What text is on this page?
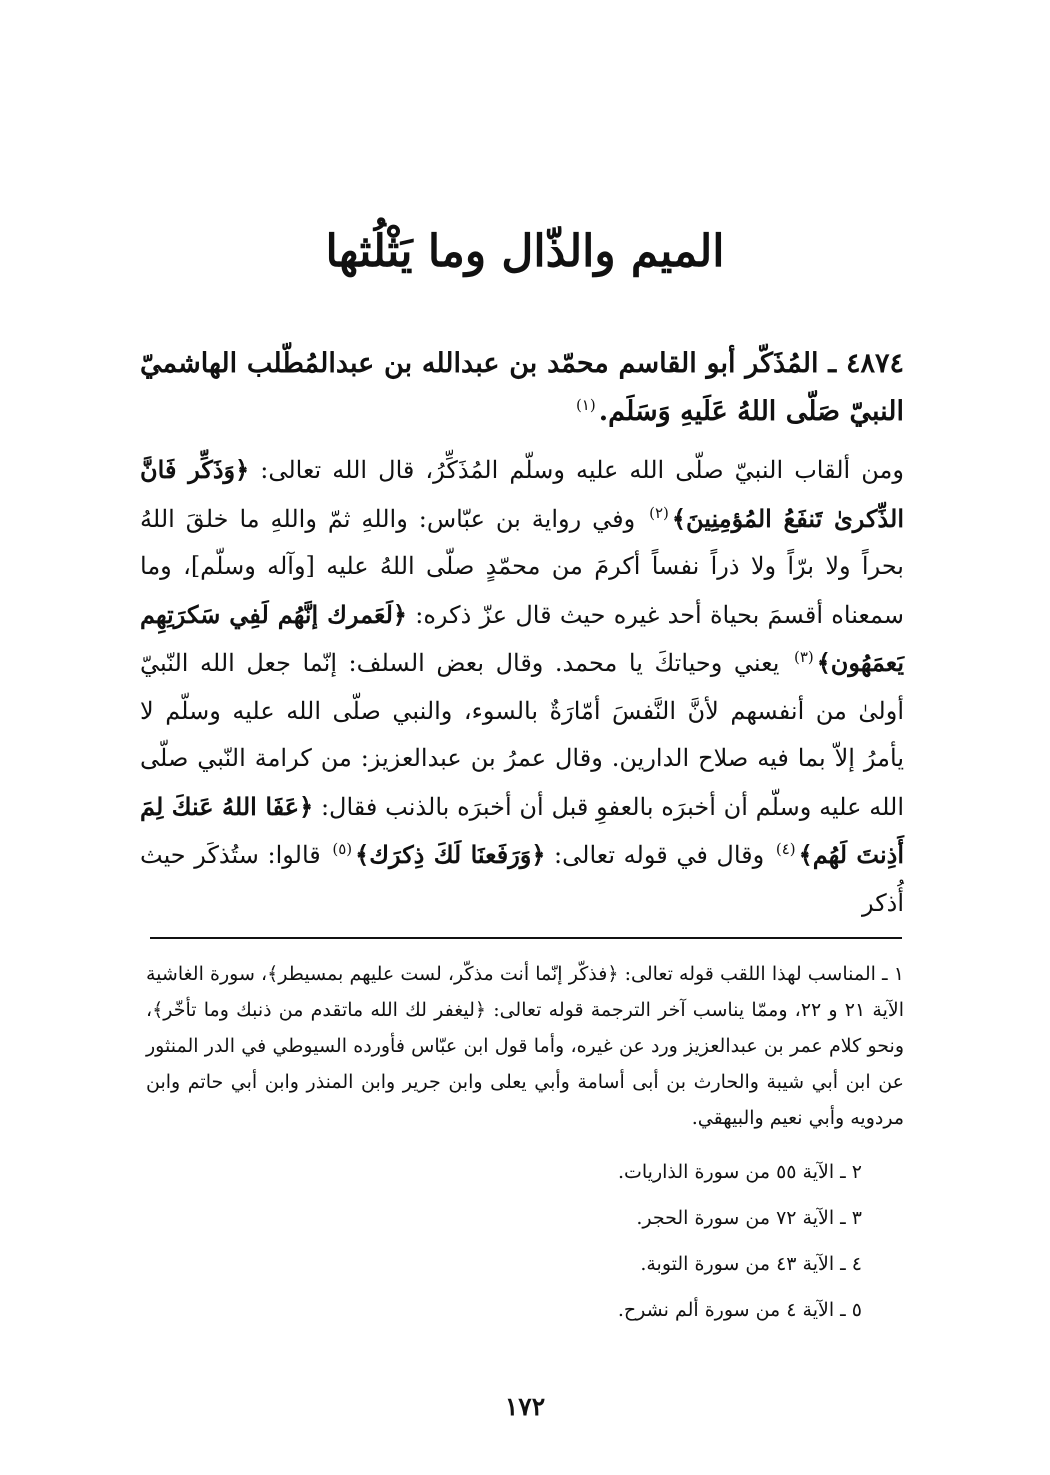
الميم والذّال وما يَثْلُثها

٤٨٧٤ ـ المُذَكّر أبو القاسم محمّد بن عبدالله بن عبدالمُطّلب الهاشميّ النبيّ صَلّى اللهُ عَلَيهِ وَسَلَم.$^{(١)}$

ومن ألقاب النبيّ صلّى الله عليه وسلّم المُذَكِّرُ، قال الله تعالى: ﴿وَذَكِّر فَانَّ الذِّكرىٰ تَنفَعُ المُؤمِنِينَ﴾$^{(٢)}$ وفي رواية بن عبّاس: واللهِ ثمّ واللهِ ما خلقَ اللهُ بحراً ولا برّاً ولا ذراً نفساً أكرمَ من محمّدٍ صلّى اللهُ عليه [وآله وسلّم]، وما سمعناه أقسمَ بحياة أحد غيره حيث قال عزّ ذكره: ﴿لَعَمرك إنَّهُم لَفِي سَكرَتِهِم يَعمَهُون﴾$^{(٣)}$ يعني وحياتكَ يا محمد. وقال بعض السلف: إنّما جعل الله النّبيّ أولىٰ من أنفسهم لأنَّ النَّفسَ أمّارَةٌ بالسوء، والنبي صلّى الله عليه وسلّم لا يأمرُ إلاّ بما فيه صلاح الدارين. وقال عمرُ بن عبدالعزيز: من كرامة النّبي صلّى الله عليه وسلّم أن أخبرَه بالعفوِ قبل أن أخبرَه بالذنب فقال: ﴿عَفَا اللهُ عَنكَ لِمَ أَذِنتَ لَهُم﴾$^{(٤)}$ وقال في قوله تعالى: ﴿وَرَفَعنَا لَكَ ذِكرَك﴾$^{(٥)}$ قالوا: ستُذكَر حيث أُذكر

١ ـ المناسب لهذا اللقب قوله تعالى: ﴿فذكّر إنّما أنت مذكّر، لست عليهم بمسيطر﴾، سورة الغاشية الآية ٢١ و ٢٢، وممّا يناسب آخر الترجمة قوله تعالى: ﴿ليغفر لك الله ماتقدم من ذنبك وما تأخّر﴾، ونحو كلام عمر بن عبدالعزيز ورد عن غيره، وأما قول ابن عبّاس فأورده السيوطي في الدر المنثور عن ابن أبي شيبة والحارث بن أبى أسامة وأبي يعلى وابن جرير وابن المنذر وابن أبي حاتم وابن مردويه وأبي نعيم والبيهقي.
٢ ـ الآية ٥٥ من سورة الذاريات.
٣ ـ الآية ٧٢ من سورة الحجر.
٤ ـ الآية ٤٣ من سورة التوبة.
٥ ـ الآية ٤ من سورة ألم نشرح.
١٧٢
